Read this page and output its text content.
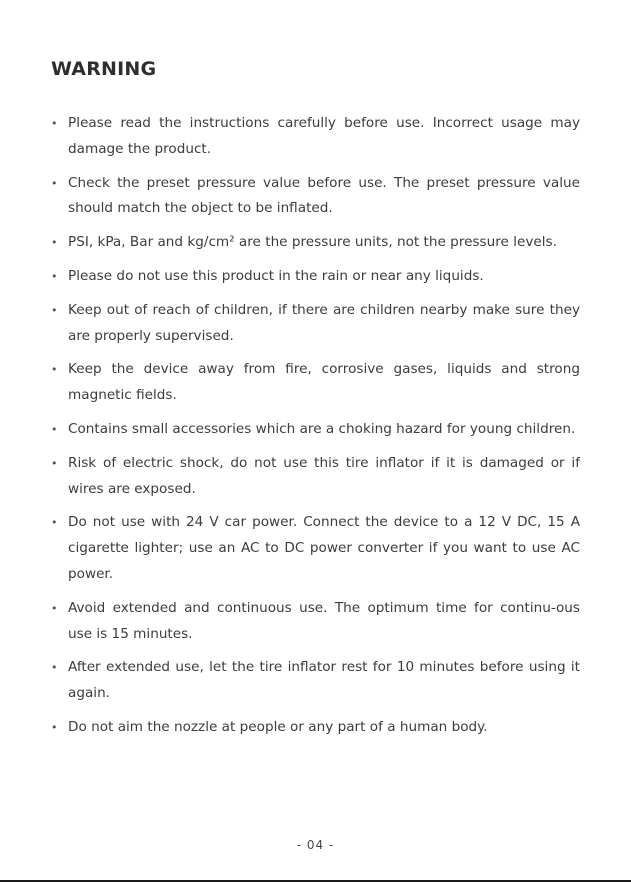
WARNING
• Please read the instructions carefully before use. Incorrect usage may damage the product.
• Check the preset pressure value before use. The preset pressure value should match the object to be inflated.
• PSI, kPa, Bar and kg/cm² are the pressure units, not the pressure levels.
• Please do not use this product in the rain or near any liquids.
• Keep out of reach of children, if there are children nearby make sure they are properly supervised.
• Keep the device away from fire, corrosive gases, liquids and strong magnetic fields.
• Contains small accessories which are a choking hazard for young children.
• Risk of electric shock, do not use this tire inflator if it is damaged or if wires are exposed.
• Do not use with 24 V car power. Connect the device to a 12 V DC, 15 A cigarette lighter; use an AC to DC power converter if you want to use AC power.
• Avoid extended and continuous use. The optimum time for continu-ous use is 15 minutes.
• After extended use, let the tire inflator rest for 10 minutes before using it again.
• Do not aim the nozzle at people or any part of a human body.
- 04 -
